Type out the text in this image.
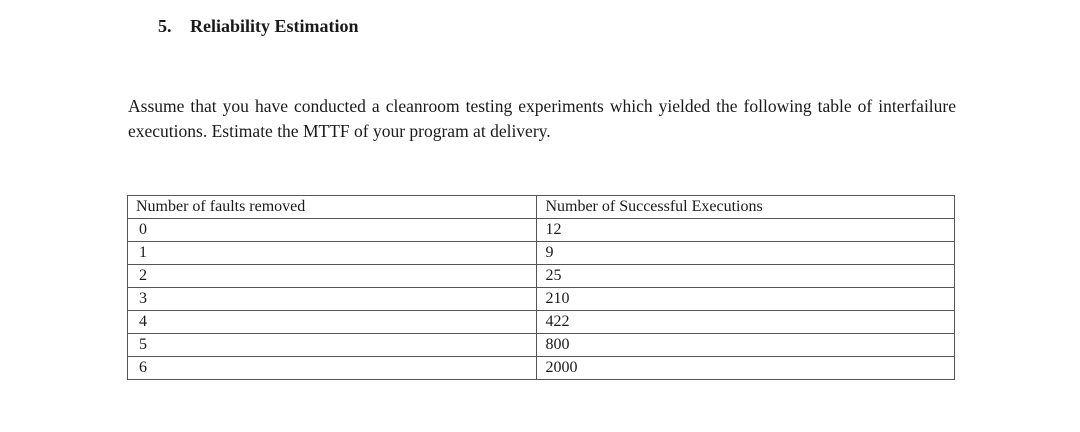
5. Reliability Estimation
Assume that you have conducted a cleanroom testing experiments which yielded the following table of interfailure executions. Estimate the MTTF of your program at delivery.
Number of faults removed	Number of Successful Executions
0	12
1	9
2	25
3	210
4	422
5	800
6	2000
